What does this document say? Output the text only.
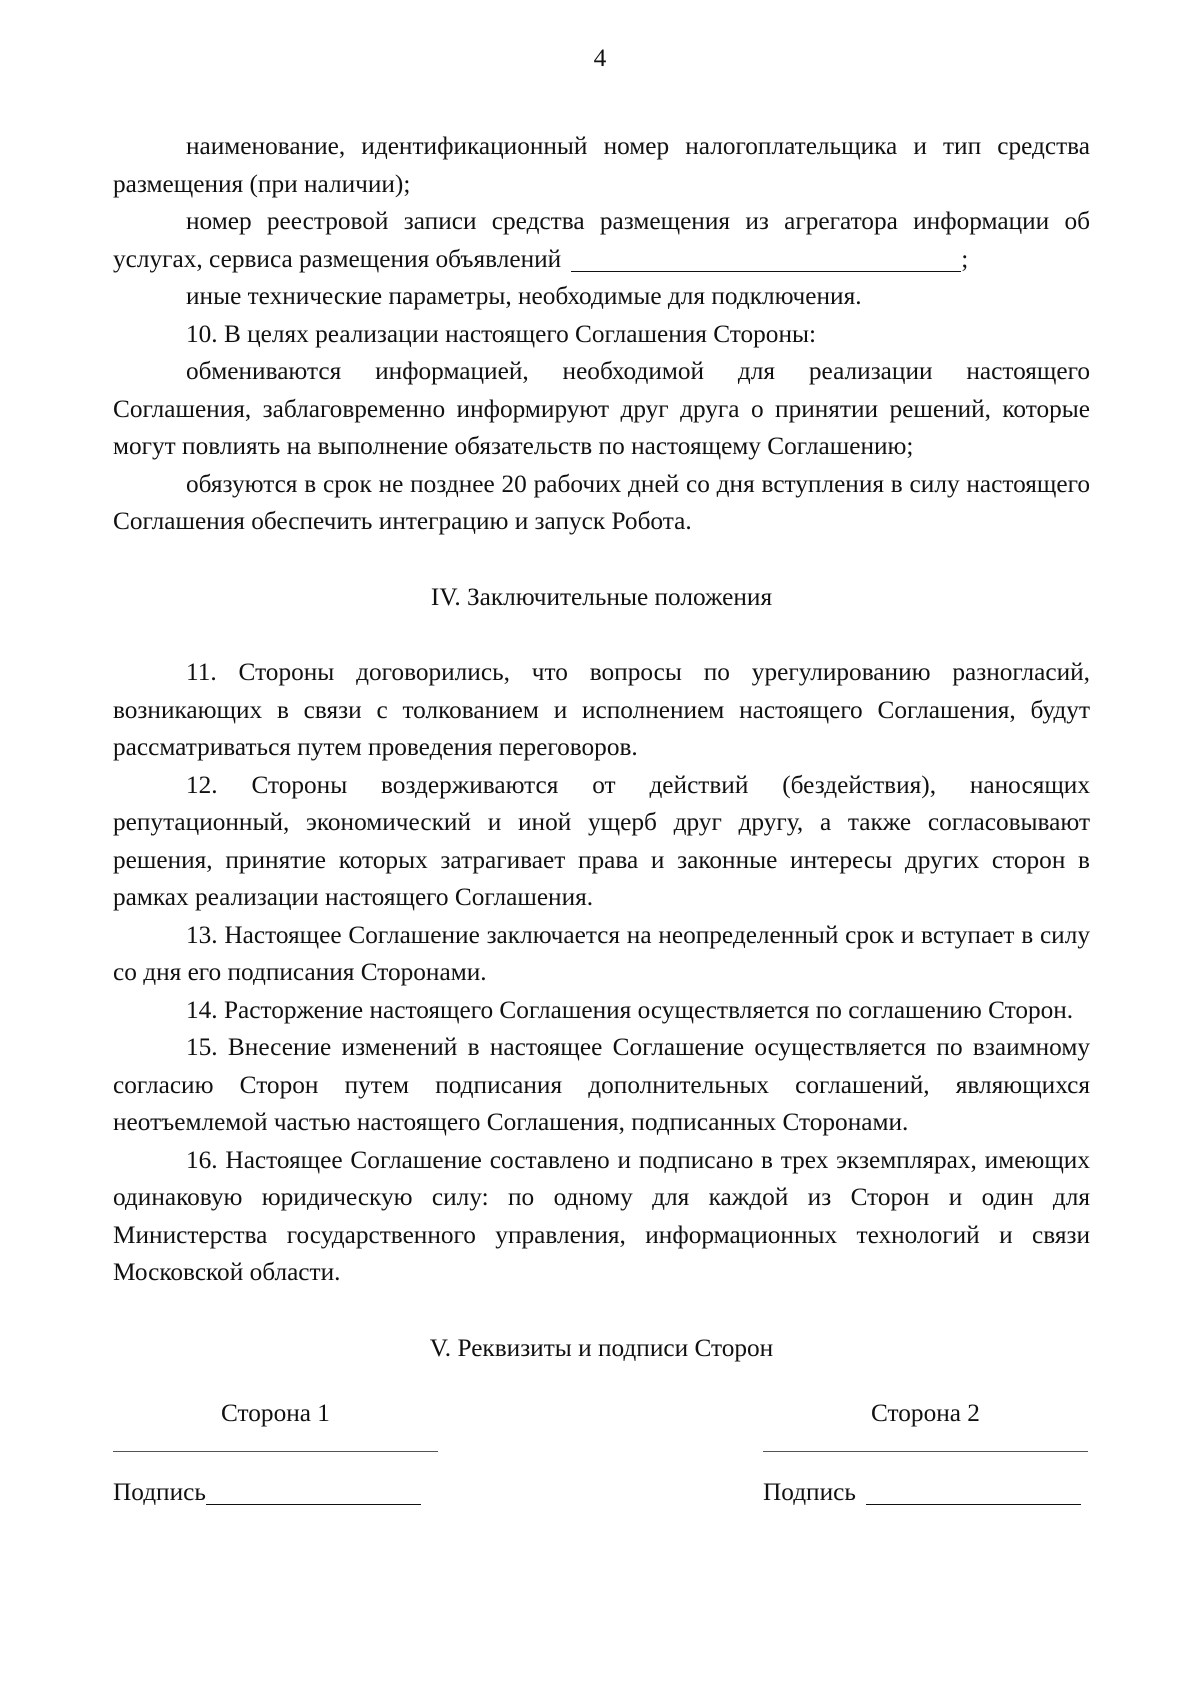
4

наименование, идентификационный номер налогоплательщика и тип средства размещения (при наличии);

номер реестровой записи средства размещения из агрегатора информации об услугах, сервиса размещения объявлений	;

иные технические параметры, необходимые для подключения.

10. В целях реализации настоящего Соглашения Стороны:

обмениваются информацией, необходимой для реализации настоящего Соглашения, заблаговременно информируют друг друга о принятии решений, которые могут повлиять на выполнение обязательств по настоящему Соглашению;

обязуются в срок не позднее 20 рабочих дней со дня вступления в силу настоящего Соглашения обеспечить интеграцию и запуск Робота.

IV. Заключительные положения

11. Стороны договорились, что вопросы по урегулированию разногласий, возникающих в связи с толкованием и исполнением настоящего Соглашения, будут рассматриваться путем проведения переговоров.

12. Стороны воздерживаются от действий (бездействия), наносящих репутационный, экономический и иной ущерб друг другу, а также согласовывают решения, принятие которых затрагивает права и законные интересы других сторон в рамках реализации настоящего Соглашения.

13. Настоящее Соглашение заключается на неопределенный срок и вступает в силу со дня его подписания Сторонами.

14. Расторжение настоящего Соглашения осуществляется по соглашению Сторон.

15. Внесение изменений в настоящее Соглашение осуществляется по взаимному согласию Сторон путем подписания дополнительных соглашений, являющихся неотъемлемой частью настоящего Соглашения, подписанных Сторонами.

16. Настоящее Соглашение составлено и подписано в трех экземплярах, имеющих одинаковую юридическую силу: по одному для каждой из Сторон и один для Министерства государственного управления, информационных технологий и связи Московской области.

V. Реквизиты и подписи Сторон

Сторона 1
Подпись
Сторона 2
Подпись
